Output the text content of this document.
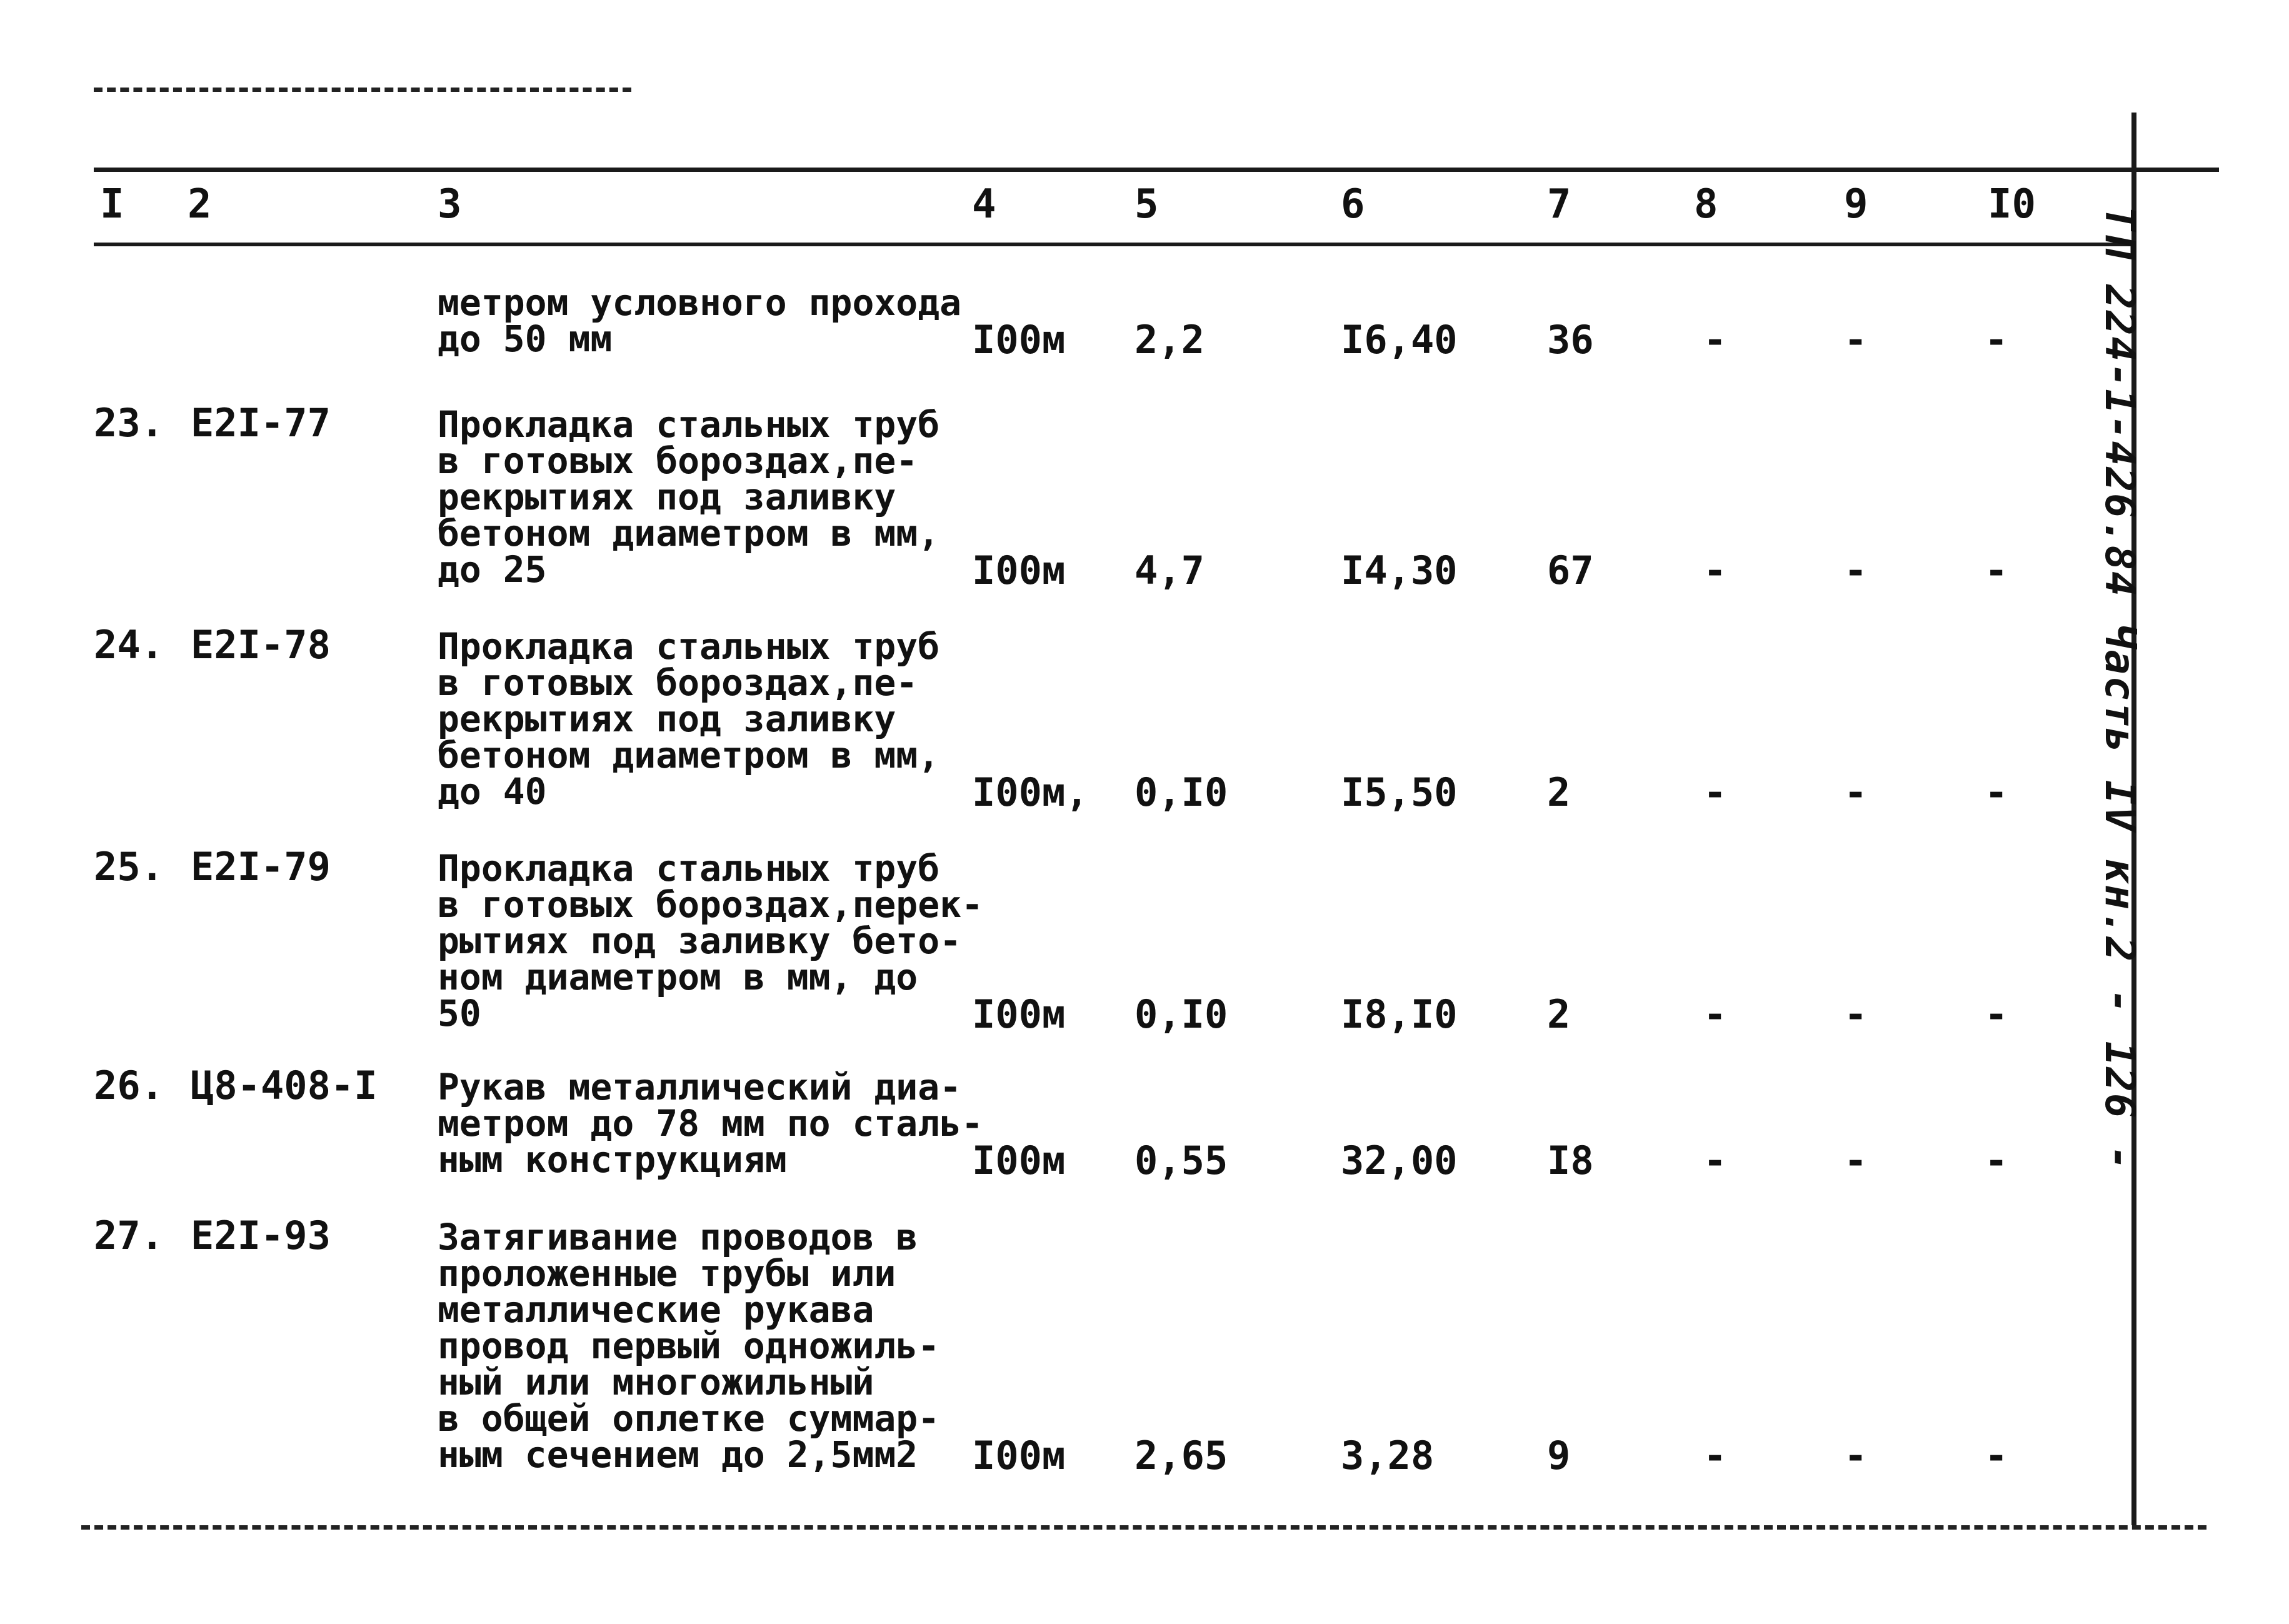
I 2	3	4	5	6	7	8	9	I0
метром условного прохода
до 50 мм	I00м 2,2	I6,40 36	-	-	-
23. Е2I-77	Прокладка стальных труб
в готовых бороздах,пе-
рекрытиях под заливку
бетоном диаметром в мм,
до 25	I00м 4,7	I4,30 67	-	-	-
24. Е2I-78	Прокладка стальных труб
в готовых бороздах,пе-
рекрытиях под заливку
бетоном диаметром в мм,
до 40	I00м, 0,I0	I5,50 2	-	-	-
25. Е2I-79	Прокладка стальных труб
в готовых бороздах,перек-
рытиях под заливку бето-
ном диаметром в мм, до
50	I00м 0,I0	I8,I0 2	-	-	-
26. Ц8-408-I Рукав металлический диа-
метром до 78 мм по сталь-
ным конструкциям	I00м 0,55	32,00 I8	-	-	-
27. Е2I-93	Затягивание проводов в
проложенные трубы или
металлические рукава
провод первый одножиль-
ный или многожильный
в общей оплетке суммар-
ным сечением до 2,5мм2	I00м 2,65	3,28	9	-	-	-
ТП 224-1-426.84 Часть IV кн.2 - 126 -
